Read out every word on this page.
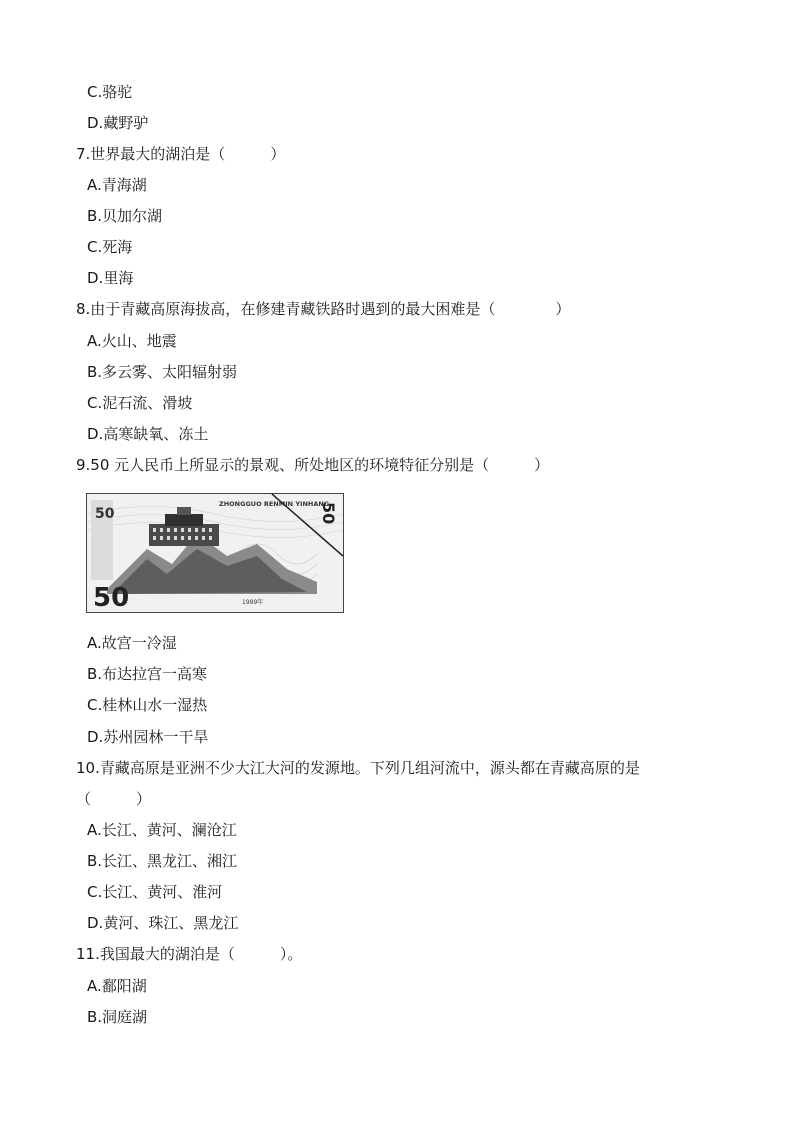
C.骆驼
D.藏野驴
7.世界最大的湖泊是（　　　）
A.青海湖
B.贝加尔湖
C.死海
D.里海
8.由于青藏高原海拔高，在修建青藏铁路时遇到的最大困难是（　　　　）
A.火山、地震
B.多云雾、太阳辐射弱
C.泥石流、滑坡
D.高寒缺氧、冻土
9.50 元人民币上所显示的景观、所处地区的环境特征分别是（　　　）
50
ZHONGGUO RENMIN YINHANG
50	1999年
50
A.故宫一冷湿
B.布达拉宫一高寒
C.桂林山水一湿热
D.苏州园林一干旱
10.青藏高原是亚洲不少大江大河的发源地。下列几组河流中，源头都在青藏高原的是
（　　　）
A.长江、黄河、澜沧江
B.长江、黑龙江、湘江
C.长江、黄河、淮河
D.黄河、珠江、黑龙江
11.我国最大的湖泊是（　　　）。
A.鄱阳湖
B.洞庭湖
